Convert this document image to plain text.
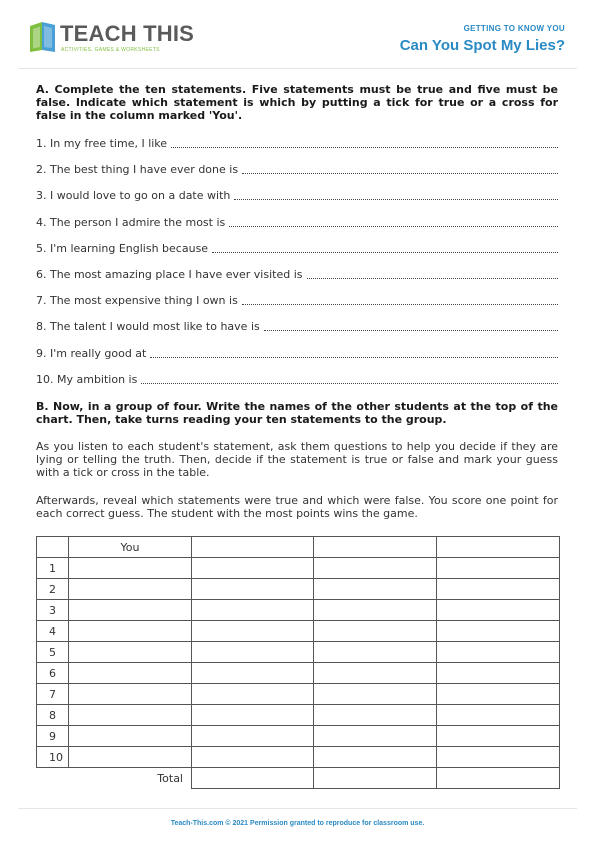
TEACH THIS
ACTIVITIES, GAMES & WORKSHEETS
GETTING TO KNOW YOU
Can You Spot My Lies?
A. Complete the ten statements. Five statements must be true and five must be false. Indicate which statement is which by putting a tick for true or a cross for false in the column marked 'You'.
1. In my free time, I like
2. The best thing I have ever done is
3. I would love to go on a date with
4. The person I admire the most is
5. I'm learning English because
6. The most amazing place I have ever visited is
7. The most expensive thing I own is
8. The talent I would most like to have is
9. I'm really good at
10. My ambition is
B. Now, in a group of four. Write the names of the other students at the top of the chart. Then, take turns reading your ten statements to the group.
As you listen to each student's statement, ask them questions to help you decide if they are lying or telling the truth. Then, decide if the statement is true or false and mark your guess with a tick or cross in the table.
Afterwards, reveal which statements were true and which were false. You score one point for each correct guess. The student with the most points wins the game.
	You			
1				
2				
3				
4				
5				
6				
7				
8				
9				
10				
	Total			
Teach-This.com © 2021 Permission granted to reproduce for classroom use.
